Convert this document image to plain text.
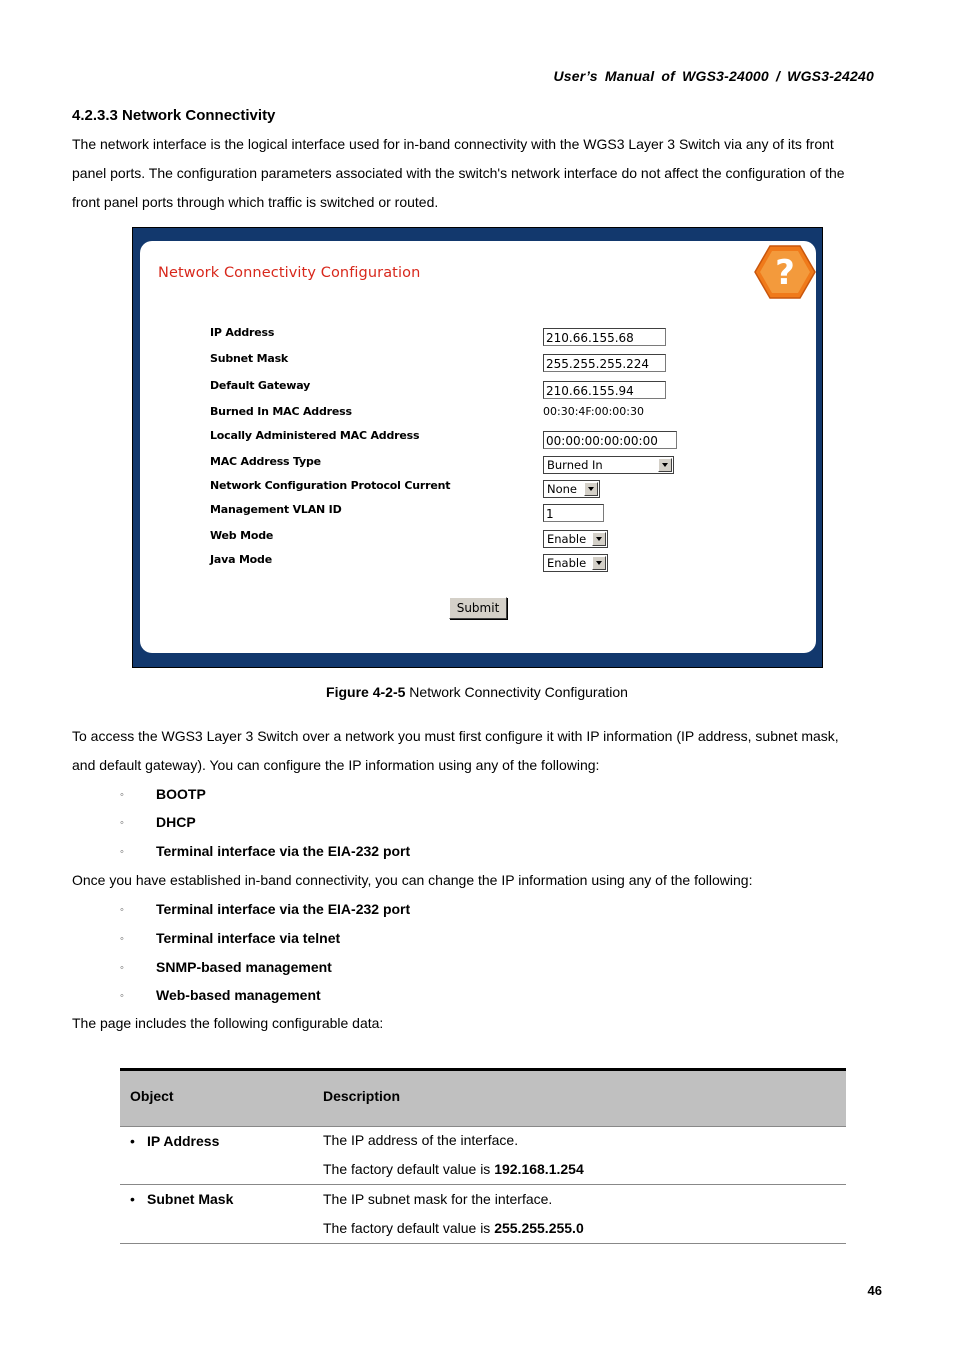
User’s Manual of WGS3-24000 / WGS3-24240
4.2.3.3 Network Connectivity
The network interface is the logical interface used for in-band connectivity with the WGS3 Layer 3 Switch via any of its front
panel ports. The configuration parameters associated with the switch's network interface do not affect the configuration of the
front panel ports through which traffic is switched or routed.
Network Connectivity Configuration	?
IP Address	210.66.155.68
Subnet Mask	255.255.255.224
Default Gateway	210.66.155.94
Burned In MAC Address	00:30:4F:00:00:30
Locally Administered MAC Address	00:00:00:00:00:00
MAC Address Type	Burned In
Network Configuration Protocol Current	None
Management VLAN ID	1
Web Mode	Enable
Java Mode	Enable
Submit
Figure 4-2-5 Network Connectivity Configuration
To access the WGS3 Layer 3 Switch over a network you must first configure it with IP information (IP address, subnet mask,
and default gateway). You can configure the IP information using any of the following:
◦ BOOTP
◦ DHCP
◦ Terminal interface via the EIA-232 port
Once you have established in-band connectivity, you can change the IP information using any of the following:
◦ Terminal interface via the EIA-232 port
◦ Terminal interface via telnet
◦ SNMP-based management
◦ Web-based management
The page includes the following configurable data:
Object	Description
• IP Address	The IP address of the interface.
The factory default value is 192.168.1.254
• Subnet Mask	The IP subnet mask for the interface.
The factory default value is 255.255.255.0
46
